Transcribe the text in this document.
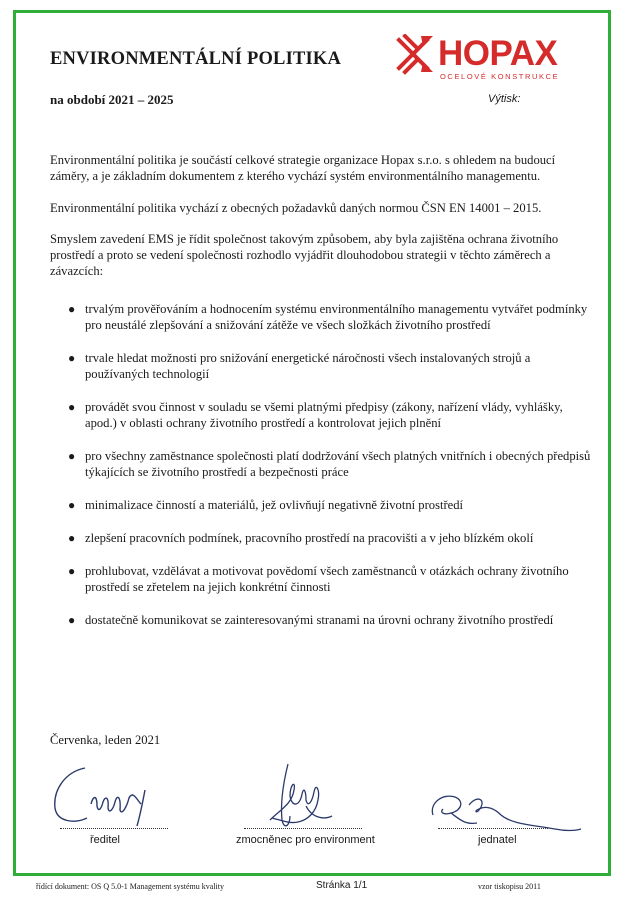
ENVIRONMENTÁLNÍ POLITIKA	HOPAX
OCELOVÉ KONSTRUKCE
na období 2021 – 2025	Výtisk:
Environmentální politika je součástí celkové strategie organizace Hopax s.r.o. s ohledem na budoucí záměry, a je základním dokumentem z kterého vychází systém environmentálního managementu.
Environmentální politika vychází z obecných požadavků daných normou ČSN EN 14001 – 2015.
Smyslem zavedení EMS je řídit společnost takovým způsobem, aby byla zajištěna ochrana životního prostředí a proto se vedení společnosti rozhodlo vyjádřit dlouhodobou strategii v těchto záměrech a závazcích:
● trvalým prověřováním a hodnocením systému environmentálního managementu vytvářet podmínky pro neustálé zlepšování a snižování zátěže ve všech složkách životního prostředí
● trvale hledat možnosti pro snižování energetické náročnosti všech instalovaných strojů a používaných technologií
● provádět svou činnost v souladu se všemi platnými předpisy (zákony, nařízení vlády, vyhlášky, apod.) v oblasti ochrany životního prostředí a kontrolovat jejich plnění
● pro všechny zaměstnance společnosti platí dodržování všech platných vnitřních i obecných předpisů týkajících se životního prostředí a bezpečnosti práce
● minimalizace činností a materiálů, jež ovlivňují negativně životní prostředí
● zlepšení pracovních podmínek, pracovního prostředí na pracovišti a v jeho blízkém okolí
● prohlubovat, vzdělávat a motivovat povědomí všech zaměstnanců v otázkách ochrany životního prostředí se zřetelem na jejich konkrétní činnosti
● dostatečně komunikovat se zainteresovanými stranami na úrovni ochrany životního prostředí
Červenka, leden 2021
ředitel	zmocněnec pro environment	jednatel
řídící dokument: OS Q 5.0-1 Management systému kvality	Stránka 1/1	vzor tiskopisu 2011
